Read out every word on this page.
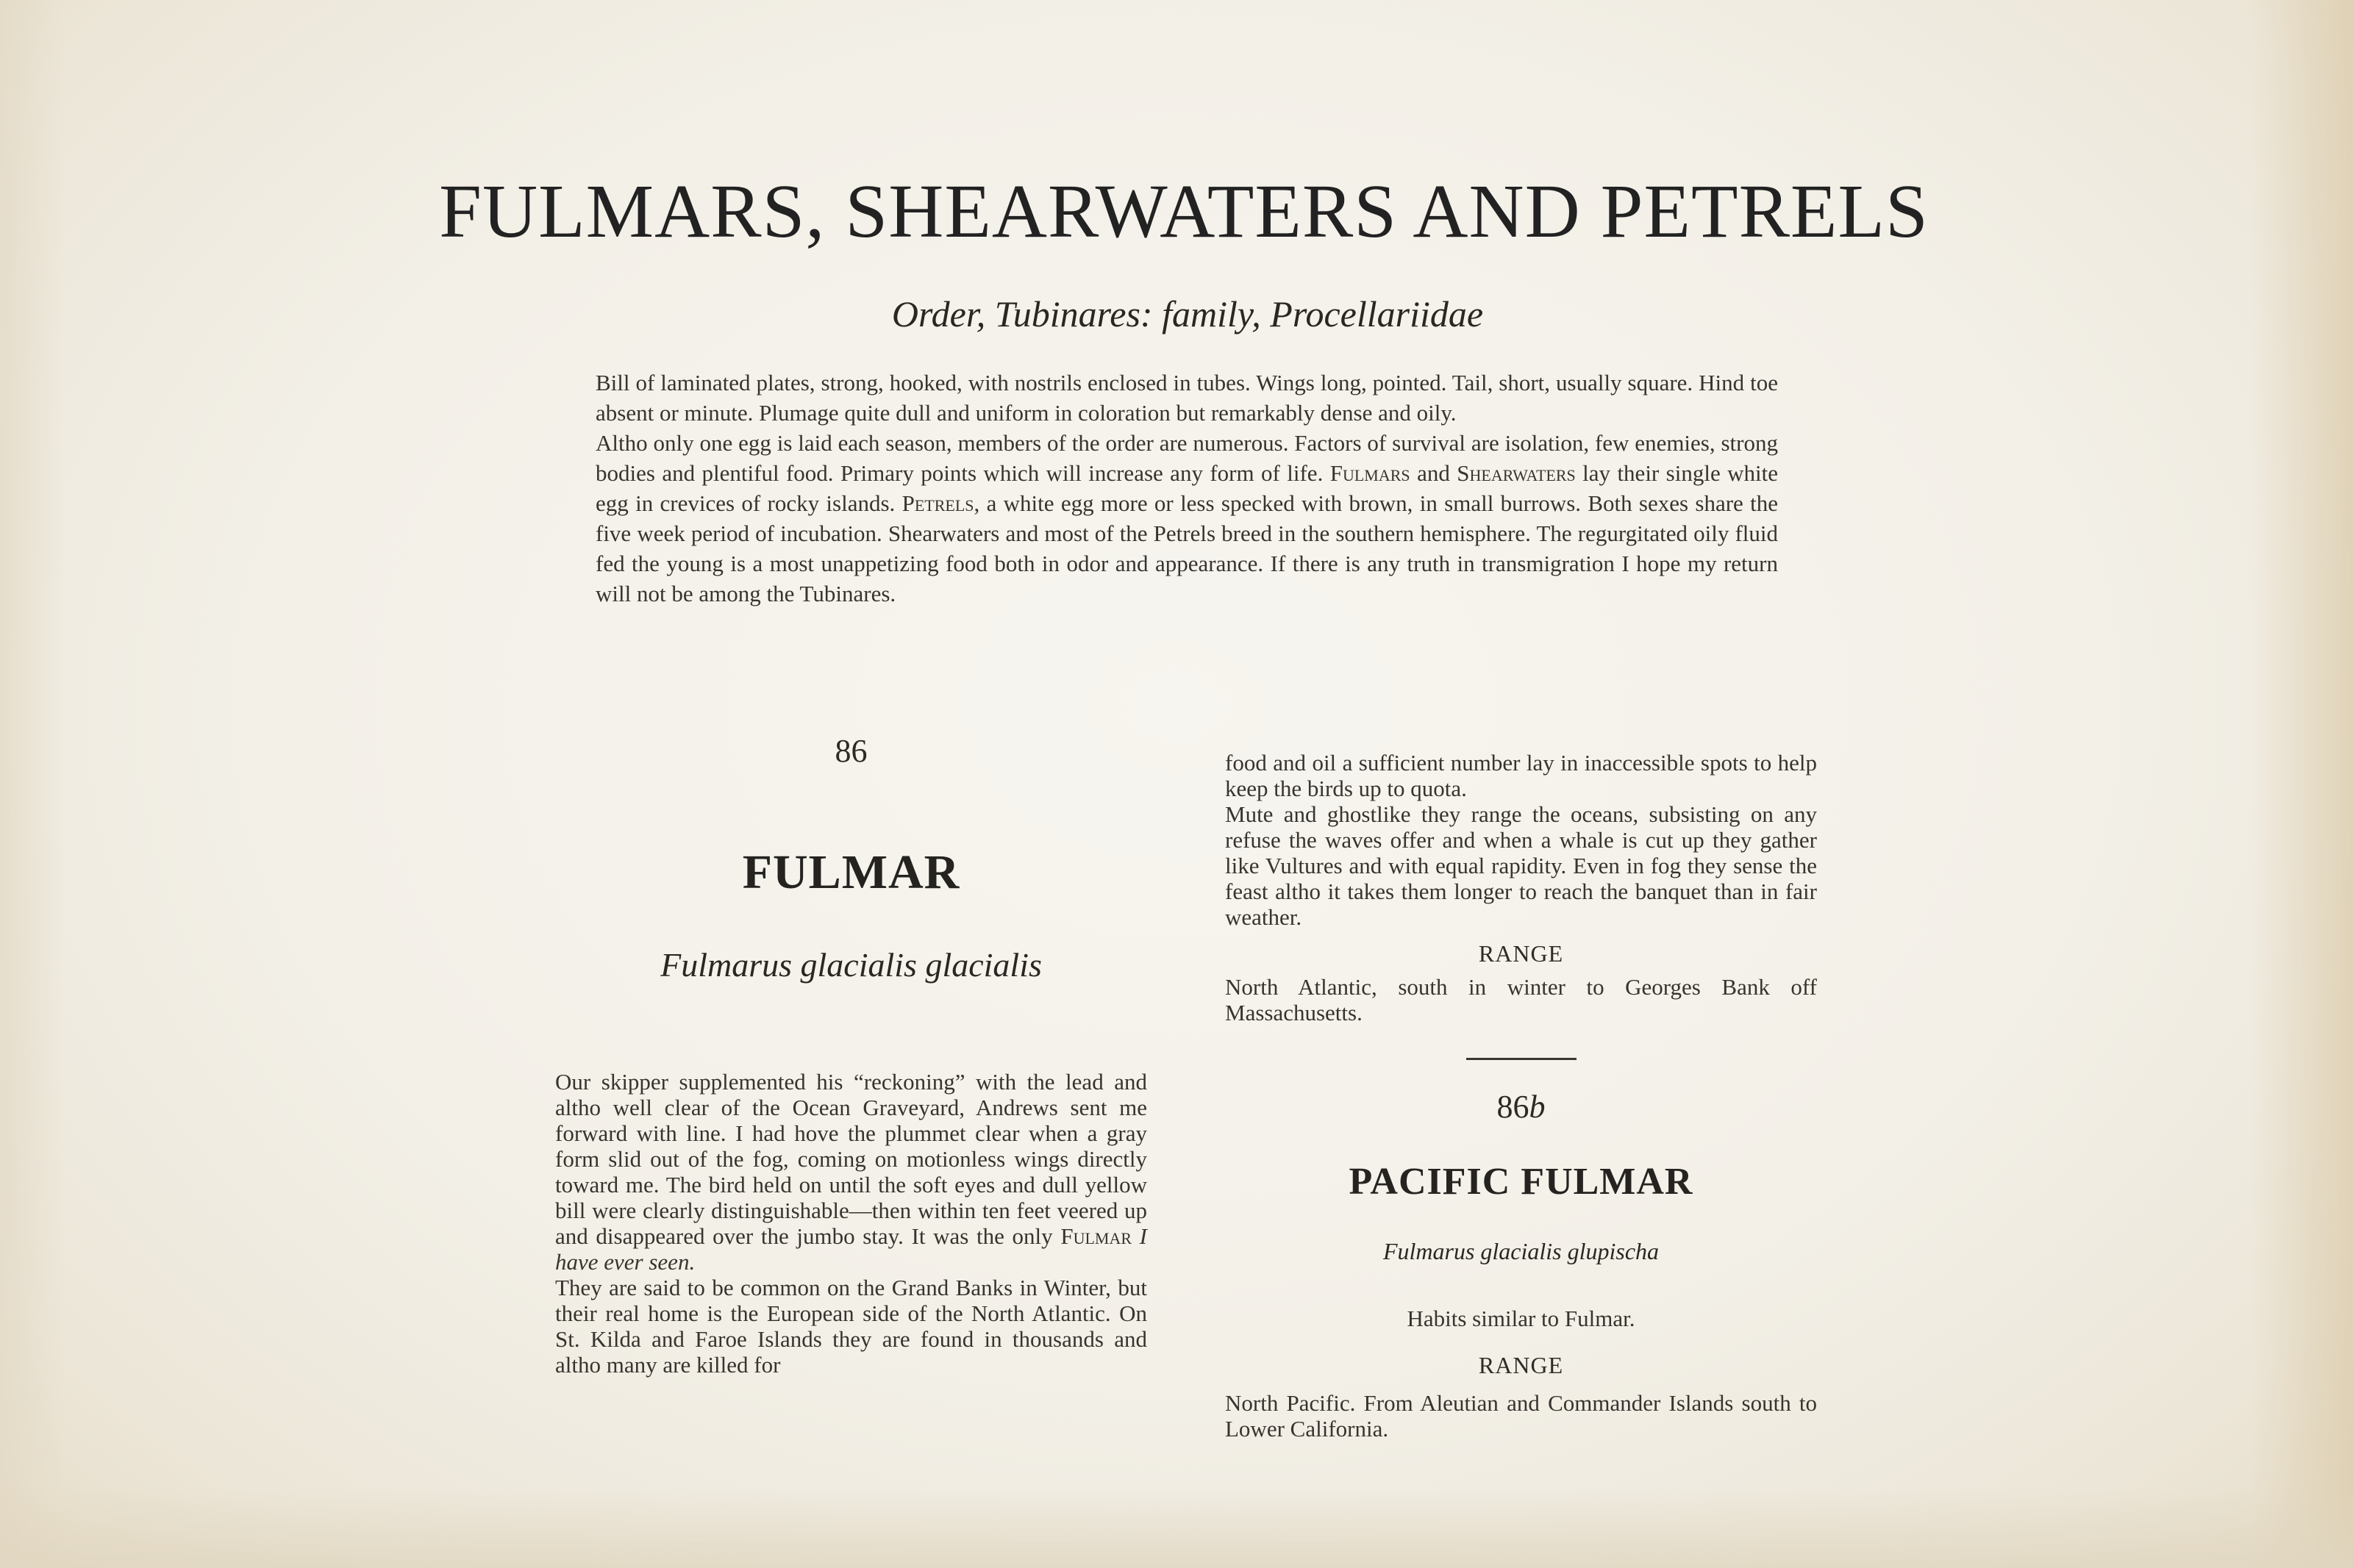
FULMARS, SHEARWATERS AND PETRELS

Order, Tubinares: family, Procellariidae

Bill of laminated plates, strong, hooked, with nostrils enclosed in tubes. Wings long, pointed. Tail, short, usually square. Hind toe absent or minute. Plumage quite dull and uniform in coloration but remarkably dense and oily.

Altho only one egg is laid each season, members of the order are numerous. Factors of survival are isolation, few enemies, strong bodies and plentiful food. Primary points which will increase any form of life. Fulmars and Shearwaters lay their single white egg in crevices of rocky islands. Petrels, a white egg more or less specked with brown, in small burrows. Both sexes share the five week period of incubation. Shearwaters and most of the Petrels breed in the southern hemisphere. The regurgitated oily fluid fed the young is a most unappetizing food both in odor and appearance. If there is any truth in transmigration I hope my return will not be among the Tubinares.

86

FULMAR

Fulmarus glacialis glacialis

Our skipper supplemented his “reckoning” with the lead and altho well clear of the Ocean Graveyard, Andrews sent me forward with line. I had hove the plummet clear when a gray form slid out of the fog, coming on motionless wings directly toward me. The bird held on until the soft eyes and dull yellow bill were clearly distinguishable—then within ten feet veered up and disappeared over the jumbo stay. It was the only Fulmar I have ever seen.

They are said to be common on the Grand Banks in Winter, but their real home is the European side of the North Atlantic. On St. Kilda and Faroe Islands they are found in thousands and altho many are killed for

food and oil a sufficient number lay in inaccessible spots to help keep the birds up to quota.

Mute and ghostlike they range the oceans, subsisting on any refuse the waves offer and when a whale is cut up they gather like Vultures and with equal rapidity. Even in fog they sense the feast altho it takes them longer to reach the banquet than in fair weather.

RANGE

North Atlantic, south in winter to Georges Bank off Massachusetts.

86b

PACIFIC FULMAR

Fulmarus glacialis glupischa

Habits similar to Fulmar.

RANGE

North Pacific. From Aleutian and Commander Islands south to Lower California.
